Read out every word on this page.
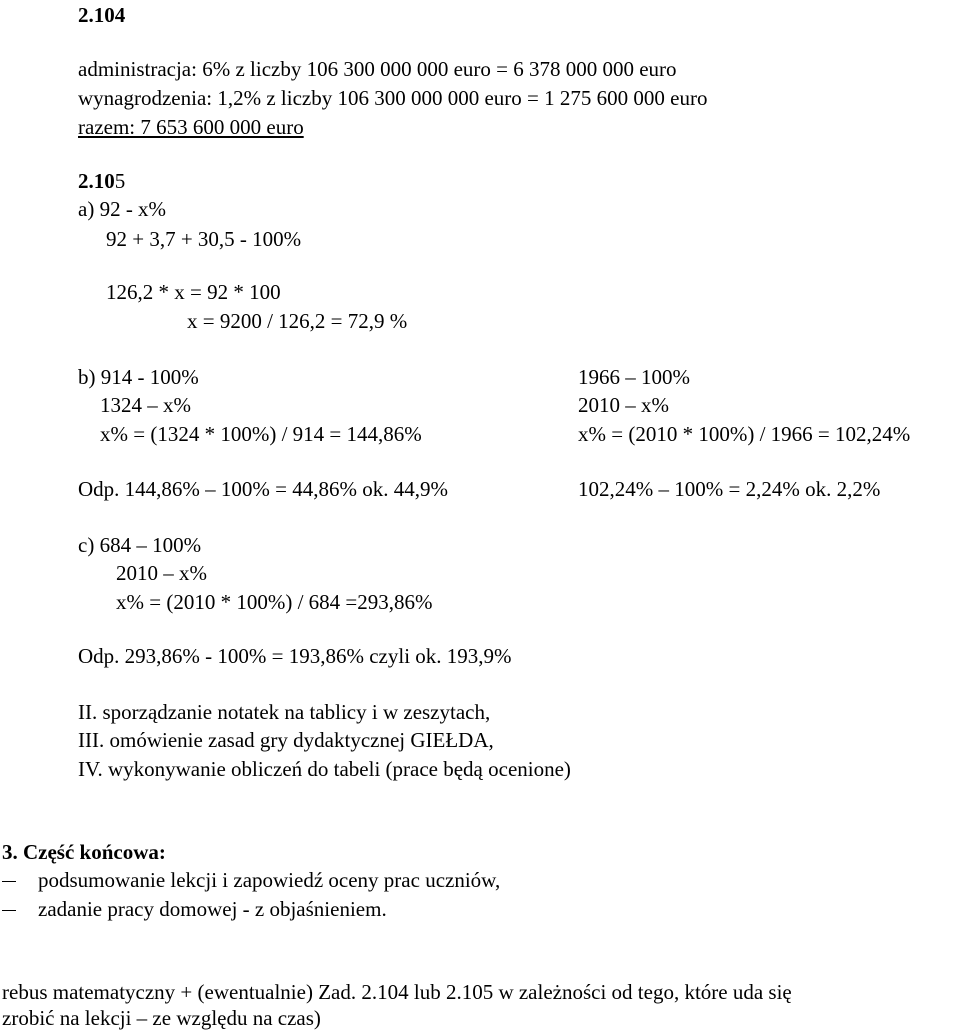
2.104
administracja: 6% z liczby 106 300 000 000 euro = 6 378 000 000 euro
wynagrodzenia: 1,2% z liczby 106 300 000 000 euro = 1 275 600 000 euro
razem: 7 653 600 000 euro
2.105
a) 92 - x%
92 + 3,7 + 30,5 - 100%
126,2 * x = 92 * 100
x = 9200 / 126,2 = 72,9 %
b) 914 - 100%
1324 – x%
x% = (1324 * 100%) / 914 = 144,86%
Odp. 144,86% – 100% = 44,86% ok. 44,9%
1966 – 100%
2010 – x%
x% = (2010 * 100%) / 1966 = 102,24%
102,24% – 100% = 2,24% ok. 2,2%
c) 684 – 100%
2010 – x%
x% = (2010 * 100%) / 684 =293,86%
Odp. 293,86% - 100% = 193,86% czyli ok. 193,9%
II. sporządzanie notatek na tablicy i w zeszytach,
III. omówienie zasad gry dydaktycznej GIEŁDA,
IV. wykonywanie obliczeń do tabeli (prace będą ocenione)
3. Część końcowa:
podsumowanie lekcji i zapowiedź oceny prac uczniów,
zadanie pracy domowej - z objaśnieniem.
rebus matematyczny + (ewentualnie) Zad. 2.104 lub 2.105 w zależności od tego, które uda się
zrobić na lekcji – ze względu na czas)
